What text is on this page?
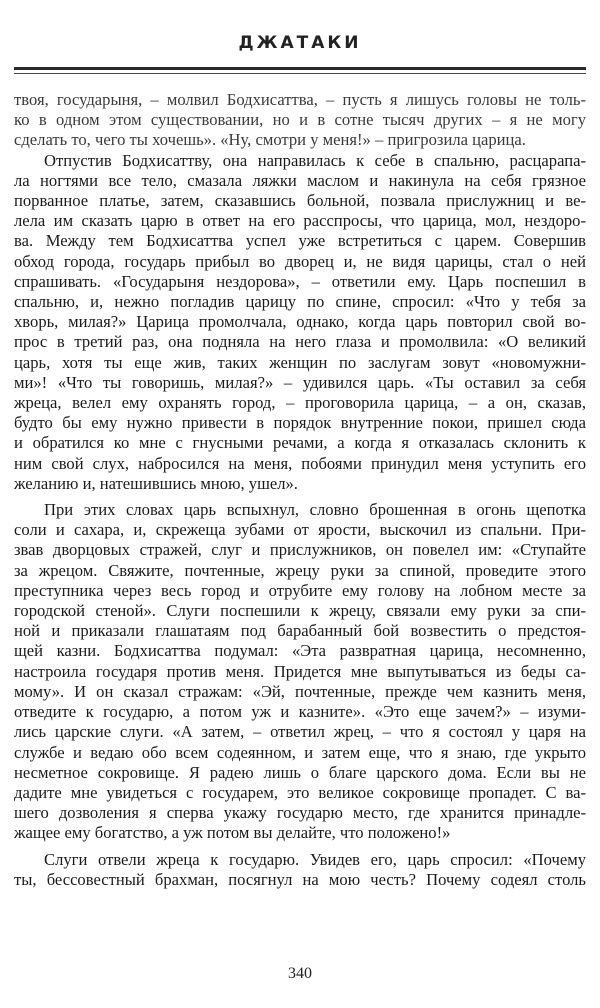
ДЖАТАКИ
твоя, государыня, – молвил Бодхисаттва, – пусть я лишусь головы не толь-
ко в одном этом существовании, но и в сотне тысяч других – я не могу
сделать то, чего ты хочешь». «Ну, смотри у меня!» – пригрозила царица.
Отпустив Бодхисаттву, она направилась к себе в спальню, расцарапа-
ла ногтями все тело, смазала ляжки маслом и накинула на себя грязное
порванное платье, затем, сказавшись больной, позвала прислужниц и ве-
лела им сказать царю в ответ на его расспросы, что царица, мол, нездоро-
ва. Между тем Бодхисаттва успел уже встретиться с царем. Совершив
обход города, государь прибыл во дворец и, не видя царицы, стал о ней
спрашивать. «Государыня нездорова», – ответили ему. Царь поспешил в
спальню, и, нежно погладив царицу по спине, спросил: «Что у тебя за
хворь, милая?» Царица промолчала, однако, когда царь повторил свой во-
прос в третий раз, она подняла на него глаза и промолвила: «О великий
царь, хотя ты еще жив, таких женщин по заслугам зовут «новомужни-
ми»! «Что ты говоришь, милая?» – удивился царь. «Ты оставил за себя
жреца, велел ему охранять город, – проговорила царица, – а он, сказав,
будто бы ему нужно привести в порядок внутренние покои, пришел сюда
и обратился ко мне с гнусными речами, а когда я отказалась склонить к
ним свой слух, набросился на меня, побоями принудил меня уступить его
желанию и, натешившись мною, ушел».
При этих словах царь вспыхнул, словно брошенная в огонь щепотка
соли и сахара, и, скрежеща зубами от ярости, выскочил из спальни. При-
звав дворцовых стражей, слуг и прислужников, он повелел им: «Ступайте
за жрецом. Свяжите, почтенные, жрецу руки за спиной, проведите этого
преступника через весь город и отрубите ему голову на лобном месте за
городской стеной». Слуги поспешили к жрецу, связали ему руки за спи-
ной и приказали глашатаям под барабанный бой возвестить о предстоя-
щей казни. Бодхисаттва подумал: «Эта развратная царица, несомненно,
настроила государя против меня. Придется мне выпутываться из беды са-
мому». И он сказал стражам: «Эй, почтенные, прежде чем казнить меня,
отведите к государю, а потом уж и казните». «Это еще зачем?» – изуми-
лись царские слуги. «А затем, – ответил жрец, – что я состоял у царя на
службе и ведаю обо всем содеянном, и затем еще, что я знаю, где укрыто
несметное сокровище. Я радею лишь о благе царского дома. Если вы не
дадите мне увидеться с государем, это великое сокровище пропадет. С ва-
шего дозволения я сперва укажу государю место, где хранится принадле-
жащее ему богатство, а уж потом вы делайте, что положено!»
Слуги отвели жреца к государю. Увидев его, царь спросил: «Почему
ты, бессовестный брахман, посягнул на мою честь? Почему содеял столь
340
